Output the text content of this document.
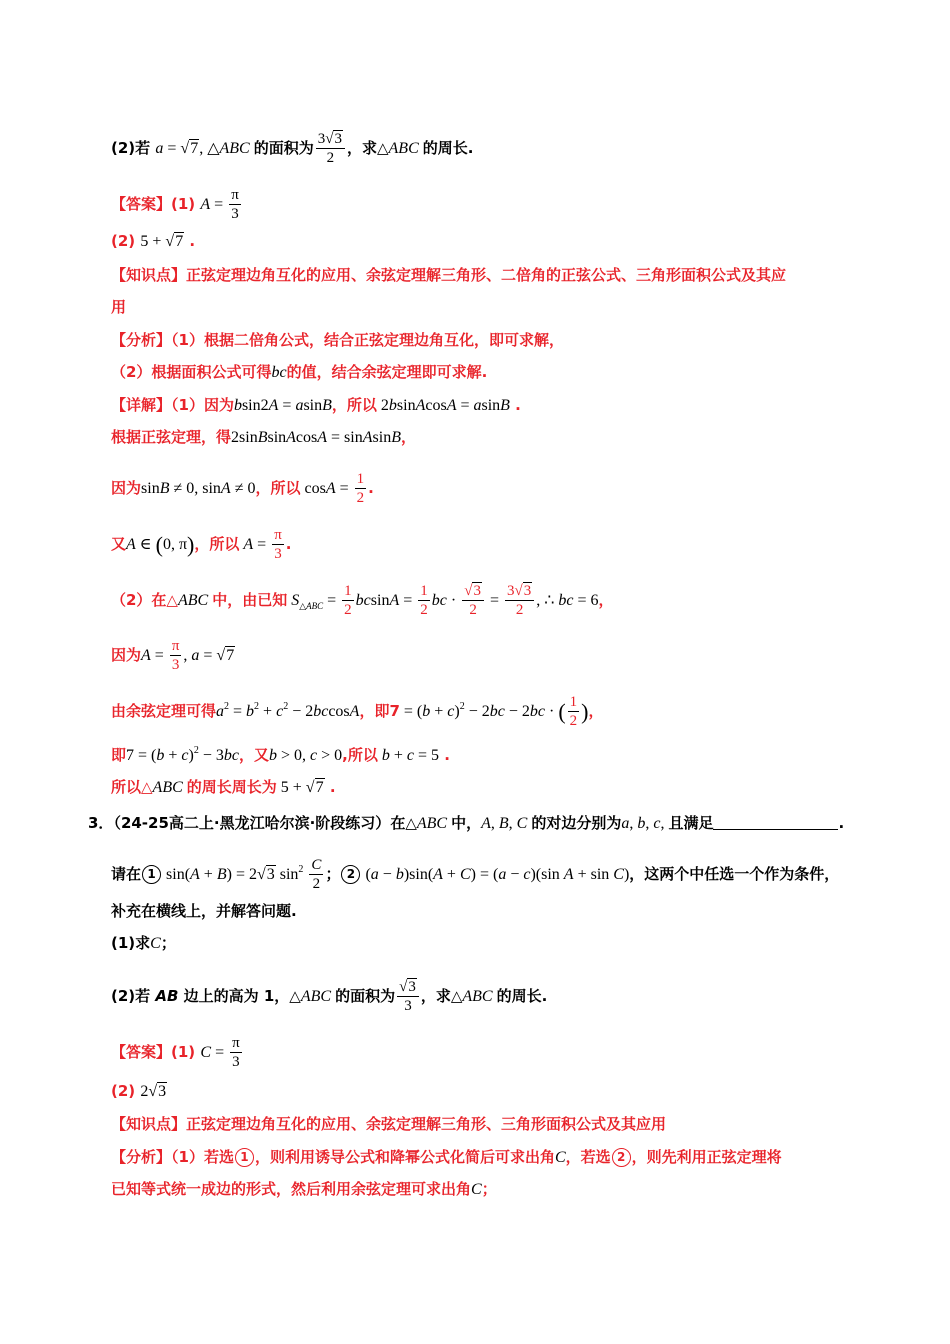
(2)若 a = √7, △ABC 的面积为 $\frac{3√3}{2}$ ，求△ABC 的周长.
【答案】(1) $A = \frac{\pi}{3}$
(2) 5 + √7 .
【知识点】正弦定理边角互化的应用、余弦定理解三角形、二倍角的正弦公式、三角形面积公式及其应
用
【分析】（1）根据二倍角公式，结合正弦定理边角互化，即可求解，
（2）根据面积公式可得bc的值，结合余弦定理即可求解.
【详解】（1）因为bsin2A = asinB，所以 2bsinAcosA = asinB .
根据正弦定理，得2sinBsinAcosA = sinAsinB，
因为sinB ≠ 0, sinA ≠ 0，所以 $\cos A = \frac{1}{2}$ .
又A ∈ (0, π)，所以 $A = \frac{\pi}{3}$ .
（2）在△ABC 中，由已知 $S_{\triangle ABC} = \frac{1}{2}$ $bcsinA = \frac{1}{2}$ bc · $\frac{√3}{2} = \frac{3√3}{2}$ , ∴ bc = 6，
因为$A = \frac{\pi}{3}$ , a = √7
由余弦定理可得$a^2 = b^2 + c^2 - 2bccosA$，即$7 = (b + c)^2 - 2bc - 2bc$ · ( $\frac{1}{2}$ )，
即$7 = (b + c)^2 - 3bc$，又b > 0, c > 0,所以 b + c = 5 .
所以△ABC 的周长周长为 5 + √7 .
3．（24-25高二上·黑龙江哈尔滨·阶段练习）在△ABC 中，A, B, C 的对边分别为a, b, c, 且满足	.
请在 1 sin(A + B) = 2√3 $\sin^2 \frac{C}{2}$ ； 2 (a − b)sin(A + C) = (a − c)(sin A + sin C)，这两个中任选一个作为条件，
补充在横线上，并解答问题.
(1)求C；
(2)若 AB 边上的高为 1，△ABC 的面积为 $\frac{√3}{3}$ ，求△ABC 的周长.
【答案】(1) $C = \frac{\pi}{3}$
(2) 2√3
【知识点】正弦定理边角互化的应用、余弦定理解三角形、三角形面积公式及其应用
【分析】（1）若选 1 ，则利用诱导公式和降幂公式化简后可求出角C，若选 2 ，则先利用正弦定理将
已知等式统一成边的形式，然后利用余弦定理可求出角C；
